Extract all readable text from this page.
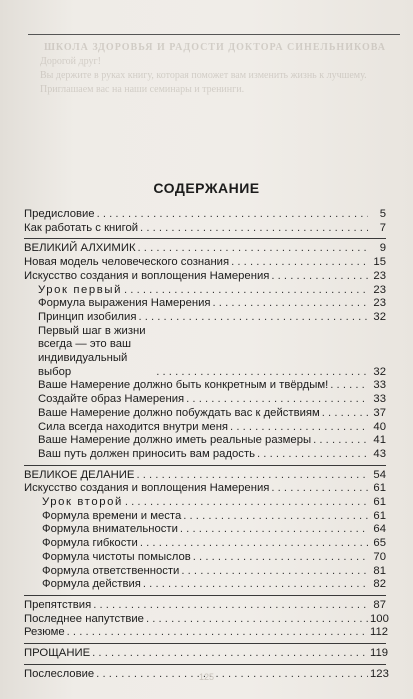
ШКОЛА ЗДОРОВЬЯ И РАДОСТИ ДОКТОРА СИНЕЛЬНИКОВА

Дорогой друг!

Вы держите в руках книгу, которая поможет вам изменить жизнь к лучшему.

Приглашаем вас на наши семинары и тренинги.

СОДЕРЖАНИЕ
Предисловие . . .	5
Как работать с книгой . . .	7
ВЕЛИКИЙ АЛХИМИК . . .	9
Новая модель человеческого сознания . . .	15
Искусство создания и воплощения Намерения . . .	23
Урок первый . . .	23
Формула выражения Намерения . . .	23
Принцип изобилия . . .	32
Первый шаг в жизни всегда — это ваш индивидуальный выбор . . .	32
Ваше Намерение должно быть конкретным и твёрдым! . . .	33
Создайте образ Намерения . . .	33
Ваше Намерение должно побуждать вас к действиям . . .	37
Сила всегда находится внутри меня . . .	40
Ваше Намерение должно иметь реальные размеры . . .	41
Ваш путь должен приносить вам радость . . .	43
ВЕЛИКОЕ ДЕЛАНИЕ . . .	54
Искусство создания и воплощения Намерения . . .	61
Урок второй . . .	61
Формула времени и места . . .	61
Формула внимательности . . .	64
Формула гибкости . . .	65
Формула чистоты помыслов . . .	70
Формула ответственности . . .	81
Формула действия . . .	82
Препятствия . . .	87
Последнее напутствие . . .	100
Резюме . . .	112
ПРОЩАНИЕ . . .	119
Послесловие . . .	123
125
